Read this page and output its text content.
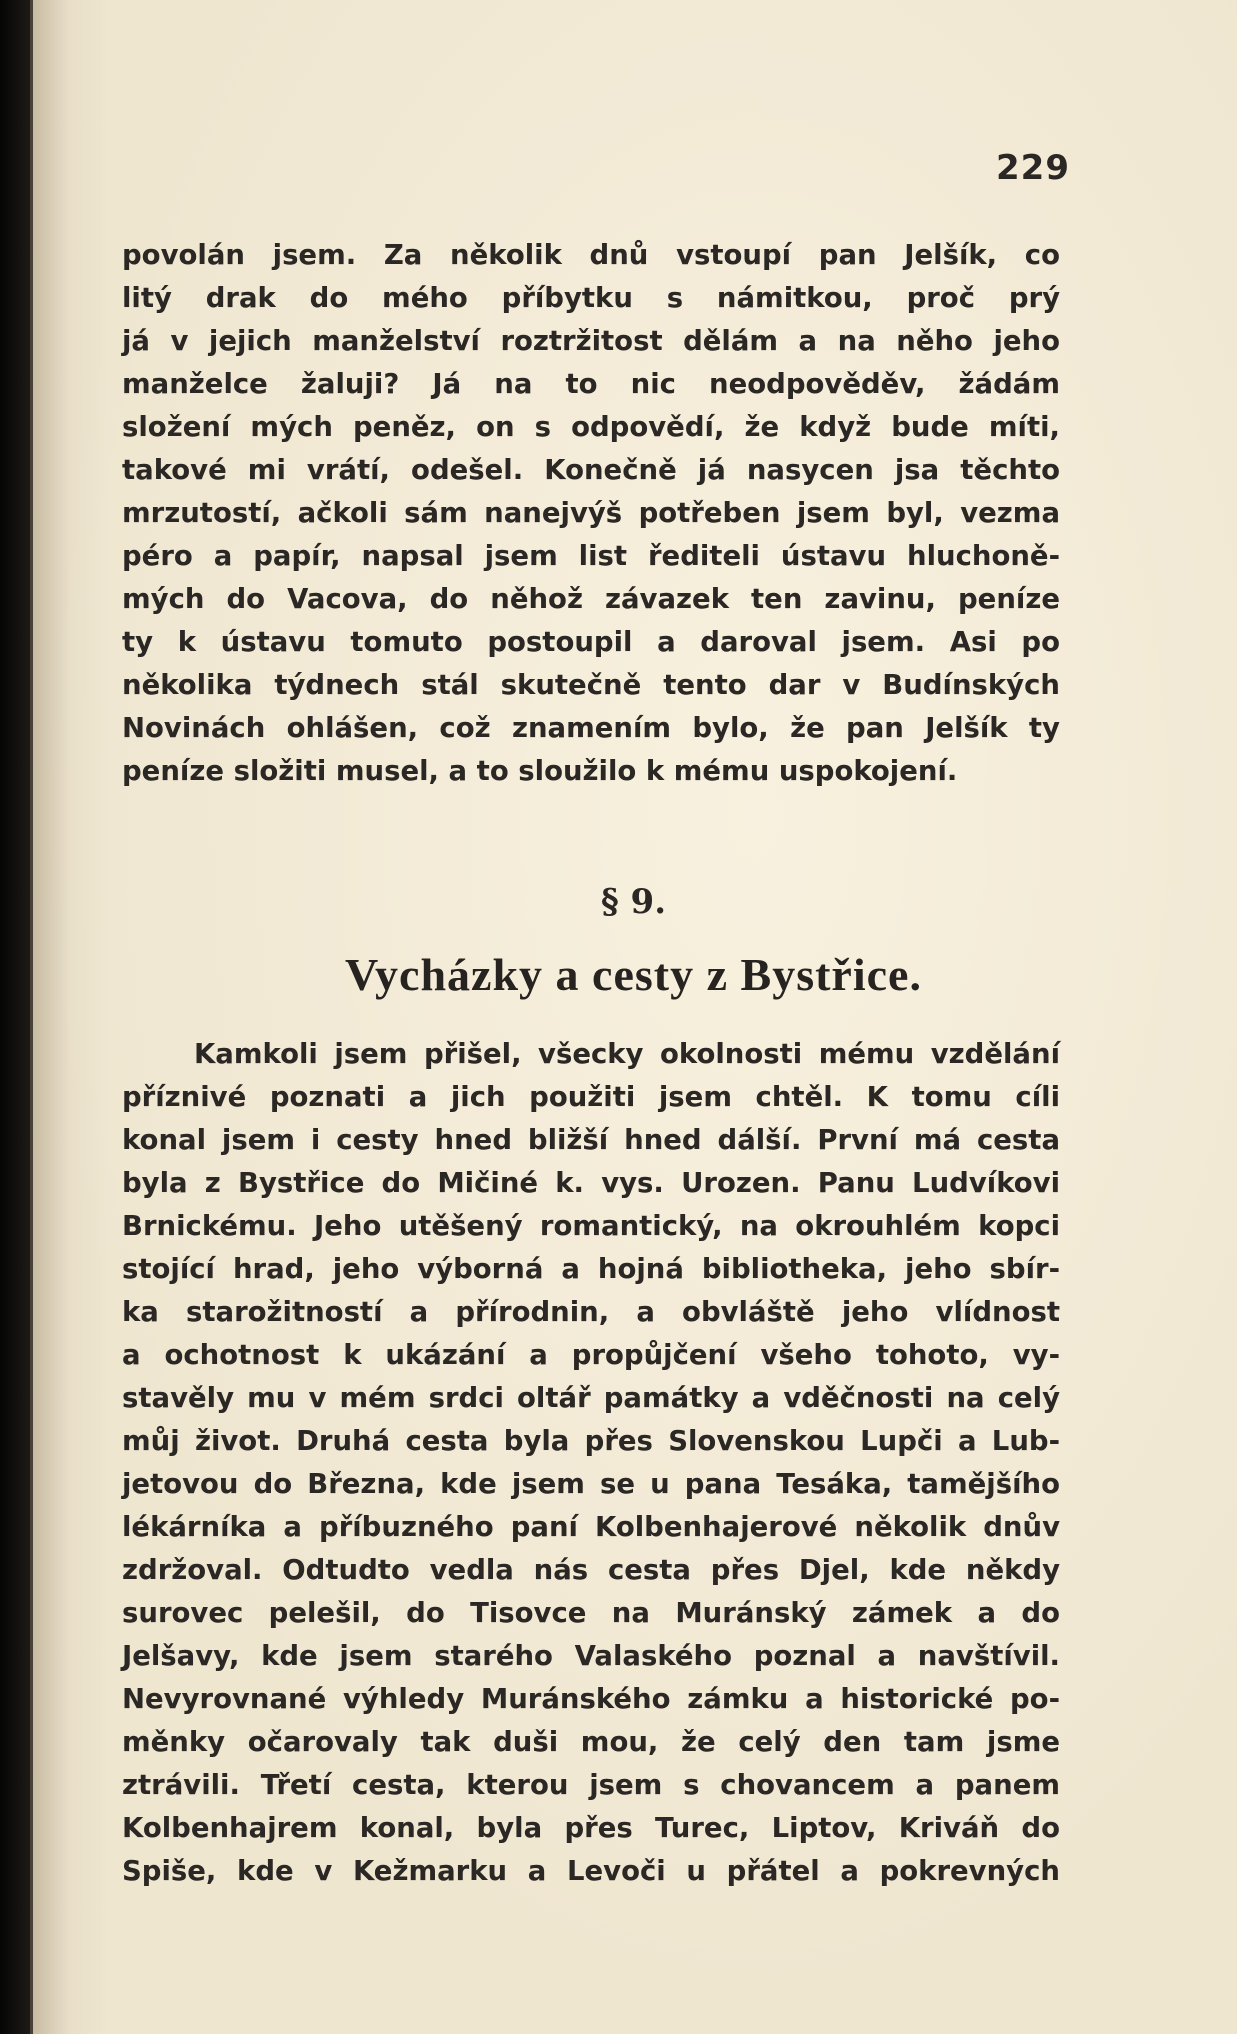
229
povolán jsem. Za několik dnů vstoupí pan Jelšík, co
litý drak do mého příbytku s námitkou, proč prý
já v jejich manželství roztržitost dělám a na něho jeho
manželce žaluji? Já na to nic neodpověděv, žádám
složení mých peněz, on s odpovědí, že když bude míti,
takové mi vrátí, odešel. Konečně já nasycen jsa těchto
mrzutostí, ačkoli sám nanejvýš potřeben jsem byl, vezma
péro a papír, napsal jsem list řediteli ústavu hluchoně-
mých do Vacova, do něhož závazek ten zavinu, peníze
ty k ústavu tomuto postoupil a daroval jsem. Asi po
několika týdnech stál skutečně tento dar v Budínských
Novinách ohlášen, což znamením bylo, že pan Jelšík ty
peníze složiti musel, a to sloužilo k mému uspokojení.
§ 9.
Vycházky a cesty z Bystřice.
Kamkoli jsem přišel, všecky okolnosti mému vzdělání
příznivé poznati a jich použiti jsem chtěl. K tomu cíli
konal jsem i cesty hned bližší hned dálší. První má cesta
byla z Bystřice do Mičiné k. vys. Urozen. Panu Ludvíkovi
Brnickému. Jeho utěšený romantický, na okrouhlém kopci
stojící hrad, jeho výborná a hojná bibliotheka, jeho sbír-
ka starožitností a přírodnin, a obvláště jeho vlídnost
a ochotnost k ukázání a propůjčení všeho tohoto, vy-
stavěly mu v mém srdci oltář památky a vděčnosti na celý
můj život. Druhá cesta byla přes Slovenskou Lupči a Lub-
jetovou do Března, kde jsem se u pana Tesáka, tamějšího
lékárníka a příbuzného paní Kolbenhajerové několik dnův
zdržoval. Odtudto vedla nás cesta přes Djel, kde někdy
surovec pelešil, do Tisovce na Muránský zámek a do
Jelšavy, kde jsem starého Valaského poznal a navštívil.
Nevyrovnané výhledy Muránského zámku a historické po-
měnky očarovaly tak duši mou, že celý den tam jsme
ztrávili. Třetí cesta, kterou jsem s chovancem a panem
Kolbenhajrem konal, byla přes Turec, Liptov, Kriváň do
Spiše, kde v Kežmarku a Levoči u přátel a pokrevných
